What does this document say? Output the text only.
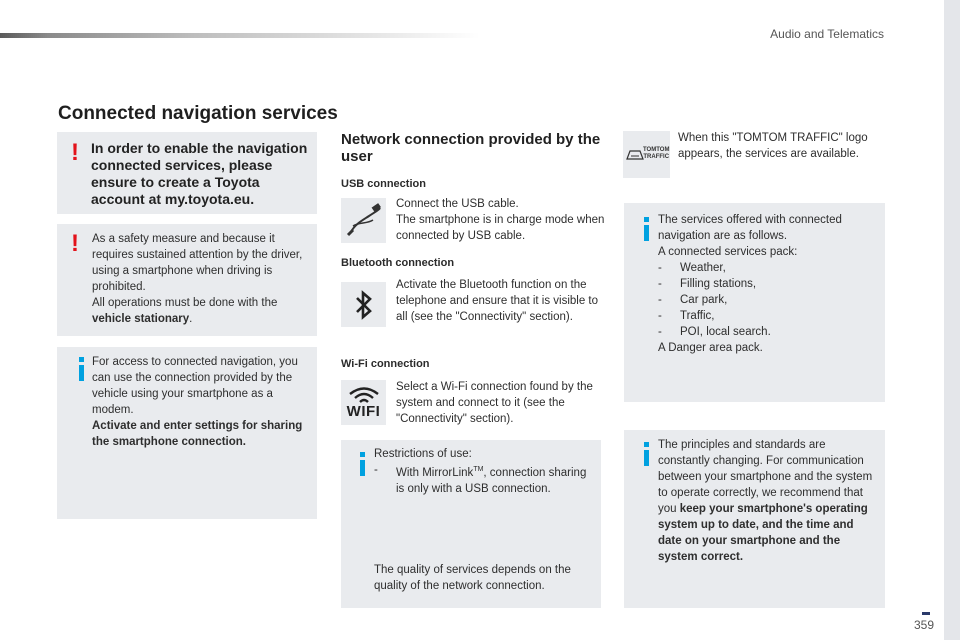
Audio and Telematics
Connected navigation services
! In order to enable the navigation connected services, please ensure to create a Toyota account at my.toyota.eu.
! As a safety measure and because it requires sustained attention by the driver, using a smartphone when driving is prohibited.
All operations must be done with the vehicle stationary.
For access to connected navigation, you can use the connection provided by the vehicle using your smartphone as a modem.
Activate and enter settings for sharing the smartphone connection.
Network connection provided by the user
USB connection
Connect the USB cable.
The smartphone is in charge mode when connected by USB cable.
Bluetooth connection
Activate the Bluetooth function on the telephone and ensure that it is visible to all (see the "Connectivity" section).
Wi-Fi connection
WIFI
Select a Wi-Fi connection found by the system and connect to it (see the "Connectivity" section).
Restrictions of use:
-	With MirrorLink™, connection sharing is only with a USB connection.
The quality of services depends on the quality of the network connection.
TOMTOM
TRAFFIC
When this "TOMTOM TRAFFIC" logo appears, the services are available.
The services offered with connected navigation are as follows.
A connected services pack:
-	Weather,
-	Filling stations,
-	Car park,
-	Traffic,
-	POI, local search.
A Danger area pack.
The principles and standards are constantly changing. For communication between your smartphone and the system to operate correctly, we recommend that you keep your smartphone's operating system up to date, and the time and date on your smartphone and the system correct.
359
